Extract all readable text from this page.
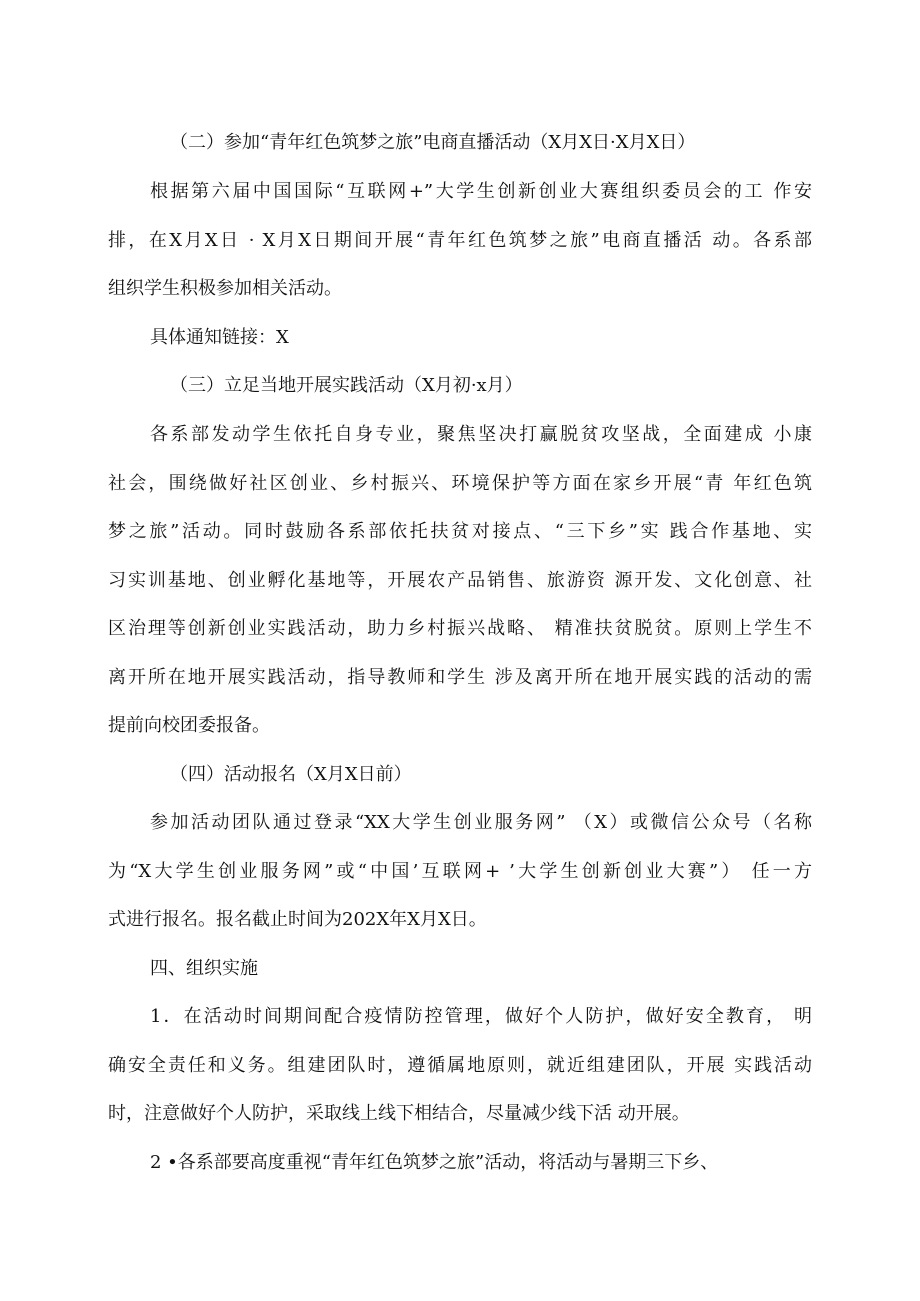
（二）参加“青年红色筑梦之旅”电商直播活动（X月X日·X月X日）
根据第六届中国国际“互联网+”大学生创新创业大赛组织委员会的工 作安
排，在X月X日 · X月X日期间开展“青年红色筑梦之旅”电商直播活 动。各系部
组织学生积极参加相关活动。
具体通知链接：X
（三）立足当地开展实践活动（X月初·x月）
各系部发动学生依托自身专业，聚焦坚决打赢脱贫攻坚战，全面建成 小康
社会，围绕做好社区创业、乡村振兴、环境保护等方面在家乡开展“青 年红色筑
梦之旅”活动。同时鼓励各系部依托扶贫对接点、“三下乡”实 践合作基地、实
习实训基地、创业孵化基地等，开展农产品销售、旅游资 源开发、文化创意、社
区治理等创新创业实践活动，助力乡村振兴战略、 精准扶贫脱贫。原则上学生不
离开所在地开展实践活动，指导教师和学生 涉及离开所在地开展实践的活动的需
提前向校团委报备。
（四）活动报名（X月X日前）
参加活动团队通过登录“XX大学生创业服务网” （X）或微信公众号（名称
为“X大学生创业服务网”或“中国’互联网+ ’大学生创新创业大赛”） 任一方
式进行报名。报名截止时间为202X年X月X日。
四、组织实施
1．在活动时间期间配合疫情防控管理，做好个人防护，做好安全教育， 明
确安全责任和义务。组建团队时，遵循属地原则，就近组建团队，开展 实践活动
时，注意做好个人防护，采取线上线下相结合，尽量减少线下活 动开展。
2 •各系部要高度重视“青年红色筑梦之旅”活动，将活动与暑期三下乡、
